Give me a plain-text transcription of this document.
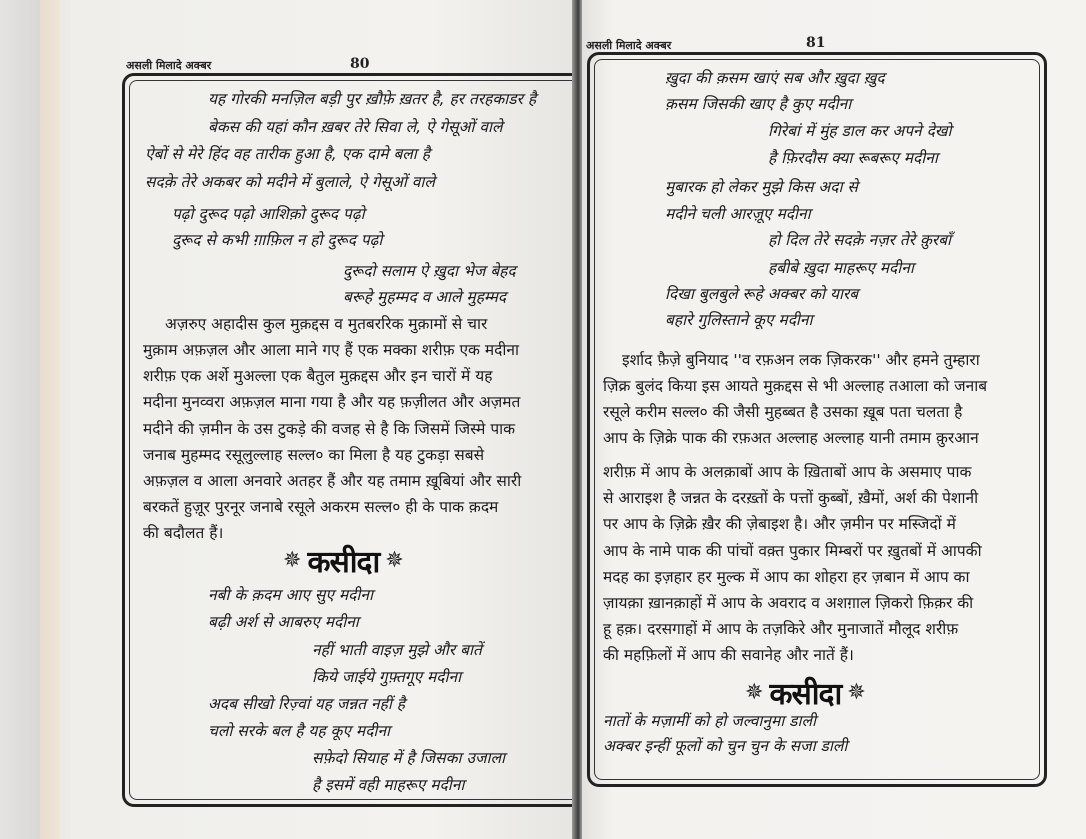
असली मिलादे अक्बर	80
यह गोरकी मनज़िल बड़ी पुर ख़ौफ़े ख़तर है, हर तरहकाडर है
बेकस की यहां कौन ख़बर तेरे सिवा ले, ऐ गेसूओं वाले
ऐबों से मेरे हिंद वह तारीक हुआ है, एक दामे बला है
सदक़े तेरे अकबर को मदीने में बुलाले, ऐ गेसूओं वाले
पढ़ो दुरूद पढ़ो आशिक़ो दुरूद पढ़ो
दुरूद से कभी ग़ाफ़िल न हो दुरूद पढ़ो
दुरूदो सलाम ऐ ख़ुदा भेज बेहद
बरूहे मुहम्मद व आले मुहम्मद
अज़रुए अहादीस कुल मुक़द्दस व मुतबररिक मुक़ामों से चार
मुक़ाम अफ़ज़ल और आला माने गए हैं एक मक्का शरीफ़ एक मदीना
शरीफ़ एक अर्शे मुअल्ला एक बैतुल मुक़द्दस और इन चारों में यह
मदीना मुनव्वरा अफ़ज़ल माना गया है और यह फ़ज़ीलत और अज़मत
मदीने की ज़मीन के उस टुकड़े की वजह से है कि जिसमें जिस्मे पाक
जनाब मुहम्मद रसूलुल्लाह सल्ल० का मिला है यह टुकड़ा सबसे
अफ़ज़ल व आला अनवारे अतहर हैं और यह तमाम ख़ूबियां और सारी
बरकतें हुज़ूर पुरनूर जनाबे रसूले अकरम सल्ल० ही के पाक क़दम
की बदौलत हैं।
✵ कसीदा ✵
नबी के क़दम आए सुए मदीना
बढ़ी अर्श से आबरुए मदीना
नहीं भाती वाइज़ मुझे और बातें
किये जाईये गुफ़्तगूए मदीना
अदब सीखो रिज़्वां यह जन्नत नहीं है
चलो सरके बल है यह कूए मदीना
सफ़ेदो सियाह में है जिसका उजाला
है इसमें वही माहरूए मदीना
असली मिलादे अक्बर	81
ख़ुदा की क़सम खाएं सब और ख़ुदा ख़ुद
क़सम जिसकी खाए है कुए मदीना
गिरेबां में मुंह डाल कर अपने देखो
है फ़िरदौस क्या रूबरूए मदीना
मुबारक हो लेकर मुझे किस अदा से
मदीने चली आरज़ूए मदीना
हो दिल तेरे सदक़े नज़र तेरे क़ुरबाँ
हबीबे ख़ुदा माहरूए मदीना
दिखा बुलबुले रूहे अक्बर को यारब
बहारे गुलिस्ताने कूए मदीना
इर्शाद फ़ैज़े बुनियाद ''व रफ़अन लक ज़िकरक'' और हमने तुम्हारा
ज़िक्र बुलंद किया इस आयते मुक़द्दस से भी अल्लाह तआला को जनाब
रसूले करीम सल्ल० की जैसी मुहब्बत है उसका ख़ूब पता चलता है
आप के ज़िक्रे पाक की रफ़अत अल्लाह अल्लाह यानी तमाम क़ुरआन
शरीफ़ में आप के अलक़ाबों आप के ख़िताबों आप के असमाए पाक
से आराइश है जन्नत के दरख़्तों के पत्तों कुब्बों, ख़ैमों, अर्श की पेशानी
पर आप के ज़िक्रे ख़ैर की ज़ेबाइश है। और ज़मीन पर मस्जिदों में
आप के नामे पाक की पांचों वक़्त पुकार मिम्बरों पर ख़ुतबों में आपकी
मदह का इज़हार हर मुल्क में आप का शोहरा हर ज़बान में आप का
ज़ायक़ा ख़ानक़ाहों में आप के अवराद व अशग़ाल ज़िकरो फ़िक़र की
हू हक़। दरसगाहों में आप के तज़किरे और मुनाजातें मौलूद शरीफ़
की महफ़िलों में आप की सवानेह और नातें हैं।
✵ कसीदा ✵
नातों के मज़ामीं को हो जल्वानुमा डाली
अक्बर इन्हीं फूलों को चुन चुन के सजा डाली
